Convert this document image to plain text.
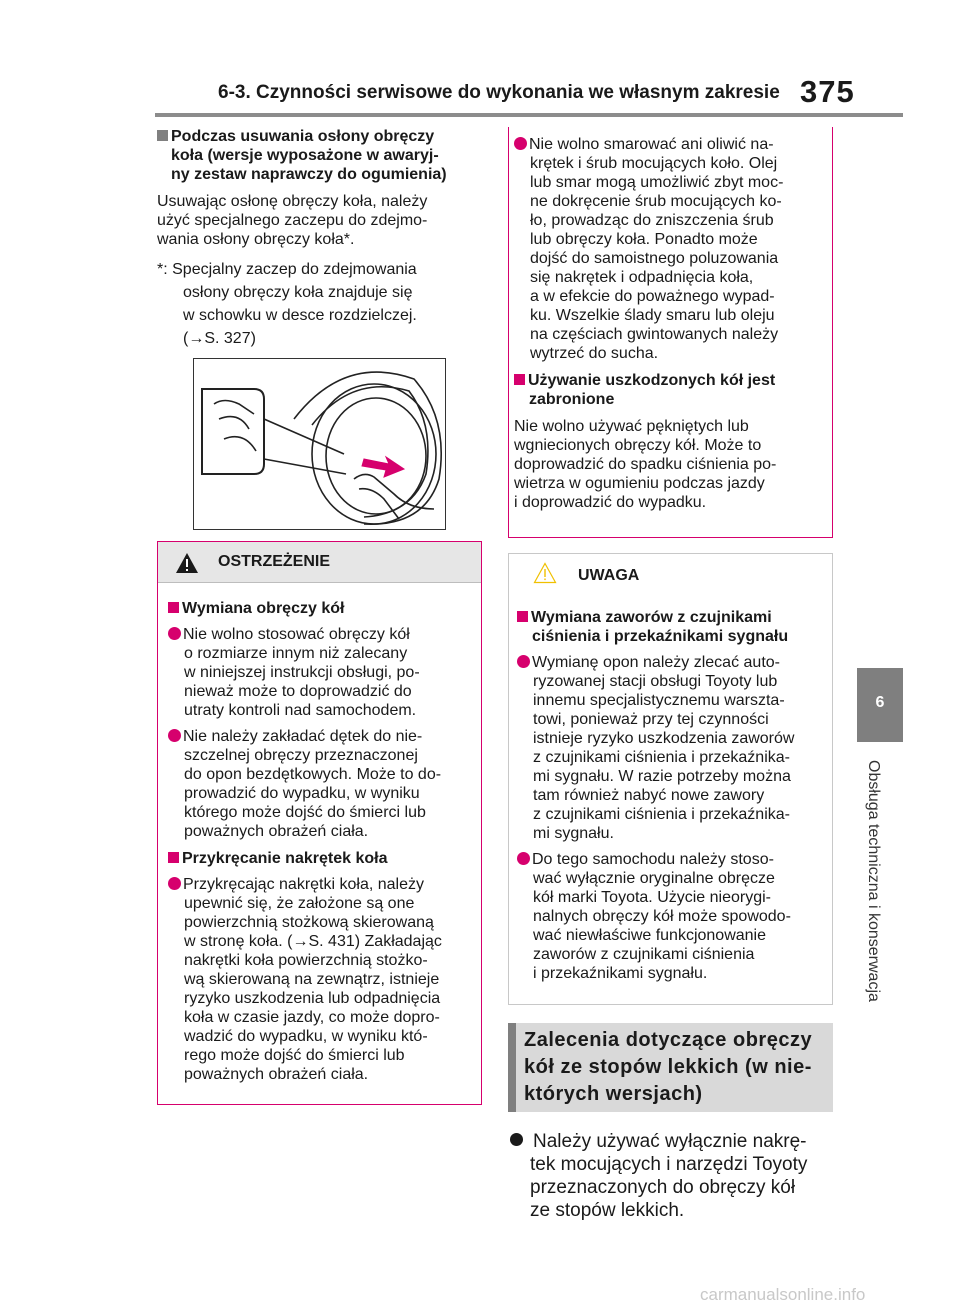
6-3. Czynności serwisowe do wykonania we własnym zakresie 375
6
Obsługa techniczna i konserwacja
Podczas usuwania osłony obręczy
koła (wersje wyposażone w awaryj-
ny zestaw naprawczy do ogumienia)
Usuwając osłonę obręczy koła, należy
użyć specjalnego zaczepu do zdejmo-
wania osłony obręczy koła*.
*: Specjalny zaczep do zdejmowania
osłony obręczy koła znajduje się
w schowku w desce rozdzielczej.
(→S. 327)
OSTRZEŻENIE
Wymiana obręczy kół
Nie wolno stosować obręczy kół
o rozmiarze innym niż zalecany
w niniejszej instrukcji obsługi, po-
nieważ może to doprowadzić do
utraty kontroli nad samochodem.
Nie należy zakładać dętek do nie-
szczelnej obręczy przeznaczonej
do opon bezdętkowych. Może to do-
prowadzić do wypadku, w wyniku
którego może dojść do śmierci lub
poważnych obrażeń ciała.
Przykręcanie nakrętek koła
Przykręcając nakrętki koła, należy
upewnić się, że założone są one
powierzchnią stożkową skierowaną
w stronę koła. (→S. 431) Zakładając
nakrętki koła powierzchnią stożko-
wą skierowaną na zewnątrz, istnieje
ryzyko uszkodzenia lub odpadnięcia
koła w czasie jazdy, co może dopro-
wadzić do wypadku, w wyniku któ-
rego może dojść do śmierci lub
poważnych obrażeń ciała.
Nie wolno smarować ani oliwić na-
krętek i śrub mocujących koło. Olej
lub smar mogą umożliwić zbyt moc-
ne dokręcenie śrub mocujących ko-
ło, prowadząc do zniszczenia śrub
lub obręczy koła. Ponadto może
dojść do samoistnego poluzowania
się nakrętek i odpadnięcia koła,
a w efekcie do poważnego wypad-
ku. Wszelkie ślady smaru lub oleju
na częściach gwintowanych należy
wytrzeć do sucha.
Używanie uszkodzonych kół jest
zabronione
Nie wolno używać pękniętych lub
wgniecionych obręczy kół. Może to
doprowadzić do spadku ciśnienia po-
wietrza w ogumieniu podczas jazdy
i doprowadzić do wypadku.
UWAGA
Wymiana zaworów z czujnikami
ciśnienia i przekaźnikami sygnału
Wymianę opon należy zlecać auto-
ryzowanej stacji obsługi Toyoty lub
innemu specjalistycznemu warszta-
towi, ponieważ przy tej czynności
istnieje ryzyko uszkodzenia zaworów
z czujnikami ciśnienia i przekaźnika-
mi sygnału. W razie potrzeby można
tam również nabyć nowe zawory
z czujnikami ciśnienia i przekaźnika-
mi sygnału.
Do tego samochodu należy stoso-
wać wyłącznie oryginalne obręcze
kół marki Toyota. Użycie nieorygi-
nalnych obręczy kół może spowodo-
wać niewłaściwe funkcjonowanie
zaworów z czujnikami ciśnienia
i przekaźnikami sygnału.
Zalecenia dotyczące obręczy
kół ze stopów lekkich (w nie-
których wersjach)
Należy używać wyłącznie nakrę-
tek mocujących i narzędzi Toyoty
przeznaczonych do obręczy kół
ze stopów lekkich.
carmanualsonline.info
